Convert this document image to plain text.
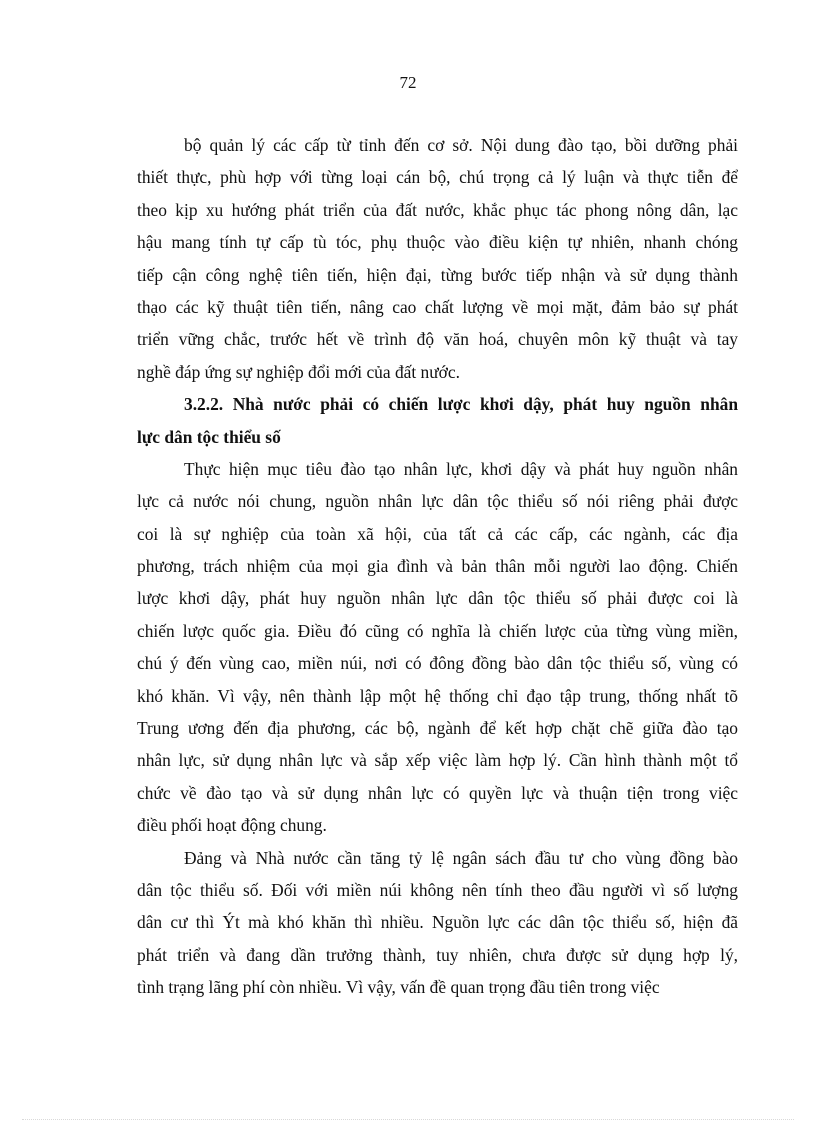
72
bộ quản lý các cấp từ tỉnh đến cơ sở. Nội dung đào tạo, bồi dưỡng phải
thiết thực, phù hợp với từng loại cán bộ, chú trọng cả lý luận và thực tiễn để
theo kịp xu hướng phát triển của đất nước, khắc phục tác phong nông dân, lạc
hậu mang tính tự cấp tù tóc, phụ thuộc vào điều kiện tự nhiên, nhanh chóng
tiếp cận công nghệ tiên tiến, hiện đại, từng bước tiếp nhận và sử dụng thành
thạo các kỹ thuật tiên tiến, nâng cao chất lượng về mọi mặt, đảm bảo sự phát
triển vững chắc, trước hết về trình độ văn hoá, chuyên môn kỹ thuật và tay
nghề đáp ứng sự nghiệp đổi mới của đất nước.
3.2.2. Nhà nước phải có chiến lược khơi dậy, phát huy nguồn nhân
lực dân tộc thiểu số
Thực hiện mục tiêu đào tạo nhân lực, khơi dậy và phát huy nguồn nhân
lực cả nước nói chung, nguồn nhân lực dân tộc thiểu số nói riêng phải được
coi là sự nghiệp của toàn xã hội, của tất cả các cấp, các ngành, các địa
phương, trách nhiệm của mọi gia đình và bản thân mỗi người lao động. Chiến
lược khơi dậy, phát huy nguồn nhân lực dân tộc thiểu số phải được coi là
chiến lược quốc gia. Điều đó cũng có nghĩa là chiến lược của từng vùng miền,
chú ý đến vùng cao, miền núi, nơi có đông đồng bào dân tộc thiểu số, vùng có
khó khăn. Vì vậy, nên thành lập một hệ thống chỉ đạo tập trung, thống nhất tõ
Trung ương đến địa phương, các bộ, ngành để kết hợp chặt chẽ giữa đào tạo
nhân lực, sử dụng nhân lực và sắp xếp việc làm hợp lý. Cần hình thành một tổ
chức về đào tạo và sử dụng nhân lực có quyền lực và thuận tiện trong việc
điều phối hoạt động chung.
Đảng và Nhà nước cần tăng tỷ lệ ngân sách đầu tư cho vùng đồng bào
dân tộc thiểu số. Đối với miền núi không nên tính theo đầu người vì số lượng
dân cư thì Ýt mà khó khăn thì nhiều. Nguồn lực các dân tộc thiểu số, hiện đã
phát triển và đang dần trưởng thành, tuy nhiên, chưa được sử dụng hợp lý,
tình trạng lãng phí còn nhiều. Vì vậy, vấn đề quan trọng đầu tiên trong việc
